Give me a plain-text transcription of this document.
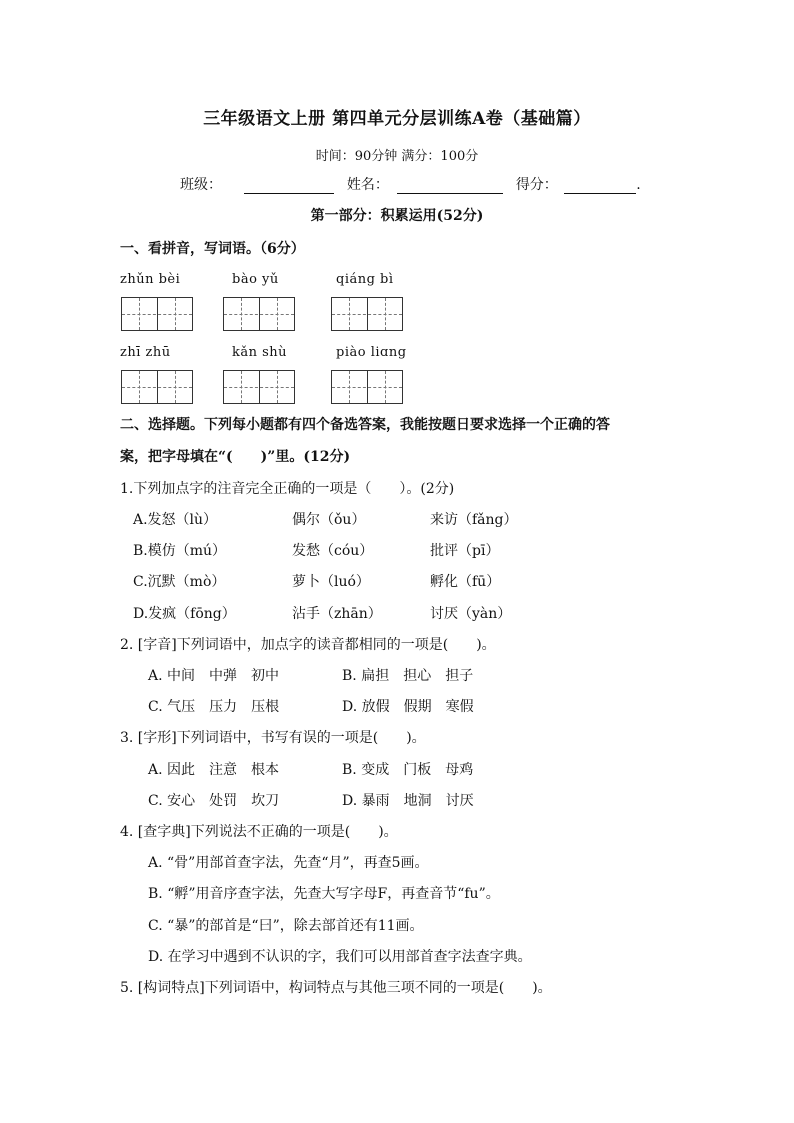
三年级语文上册 第四单元分层训练A卷（基础篇）
时间：90分钟 满分：100分
班级：	姓名：	得分：	.
第一部分：积累运用(52分)
一、看拼音，写词语。（6分）
zhǔn bèi	bào yǔ	qiáng bì
zhī zhū	kǎn shù	piào liɑng
二、选择题。下列每小题都有四个备选答案，我能按题日要求选择一个正确的答
案，把字母填在“(　　)”里。(12分)
1.下列加点字的注音完全正确的一项是（　　）。(2分)
A.发怒（lù）	偶尔（ǒu）	来访（fǎng）
B.模仿（mú）	发愁（cóu）	批评（pī）
C.沉默（mò）	萝卜（luó）	孵化（fū）
D.发疯（fōng）	沾手（zhān）	讨厌（yàn）
2. [字音]下列词语中，加点字的读音都相同的一项是(　　)。
A. 中间　中弹　初中	B. 扁担　担心　担子
C. 气压　压力　压根	D. 放假　假期　寒假
3. [字形]下列词语中，书写有误的一项是(　　)。
A. 因此　注意　根本	B. 变成　门板　母鸡
C. 安心　处罚　坎刀	D. 暴雨　地洞　讨厌
4. [查字典]下列说法不正确的一项是(　　)。
A. “骨”用部首查字法，先查“月”，再查5画。
B. “孵”用音序查字法，先查大写字母F，再查音节“fu”。
C. “暴”的部首是“曰”，除去部首还有11画。
D. 在学习中遇到不认识的字，我们可以用部首查字法查字典。
5. [构词特点]下列词语中，构词特点与其他三项不同的一项是(　　)。
